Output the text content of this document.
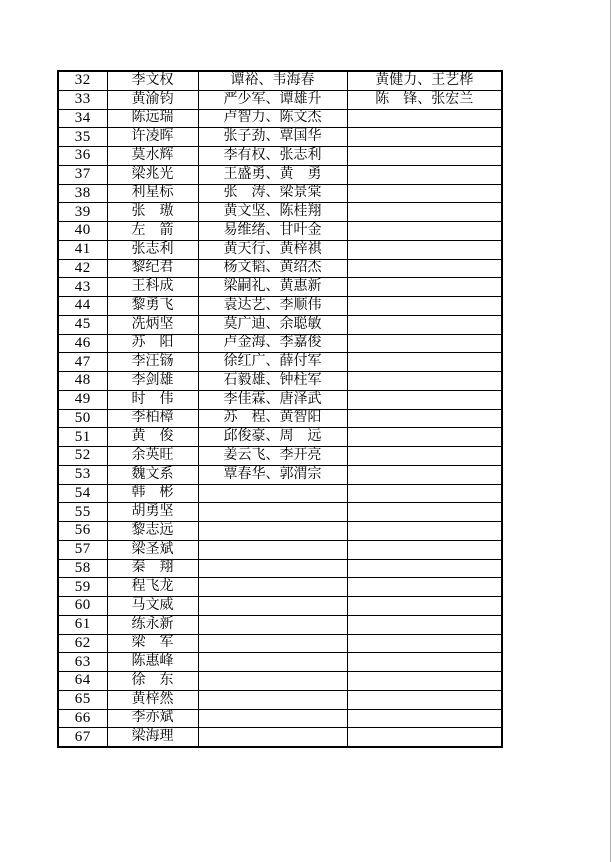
32	李文权	谭裕、韦海春	黄健力、王艺桦
33	黄渝钧	严少军、谭雄升	陈　锋、张宏兰
34	陈远瑞	卢智力、陈文杰	
35	许凌晖	张子劲、覃国华	
36	莫水辉	李有权、张志利	
37	梁兆光	王盛勇、黄　勇	
38	利星标	张　涛、梁景棠	
39	张　璈	黄文坚、陈桂翔	
40	左　箭	易维绪、甘叶金	
41	张志利	黄天行、黄梓祺	
42	黎纪君	杨文韬、黄绍杰	
43	王科成	梁嗣礼、黄惠新	
44	黎勇飞	袁达艺、李顺伟	
45	冼炳坚	莫广迪、余聪敏	
46	苏　阳	卢金海、李嘉俊	
47	李汪铴	徐红广、薛付军	
48	李剑雄	石毅雄、钟柱军	
49	时　伟	李佳霖、唐泽武	
50	李柏樟	苏　程、黄智阳	
51	黄　俊	邱俊豪、周　远	
52	余英旺	姜云飞、李开亮	
53	魏文系	覃春华、郭渭宗	
54	韩　彬		
55	胡勇坚		
56	黎志远		
57	梁圣斌		
58	秦　翔		
59	程飞龙		
60	马文威		
61	练永新		
62	梁　军		
63	陈惠峰		
64	徐　东		
65	黄梓然		
66	李亦斌		
67	梁海理		
